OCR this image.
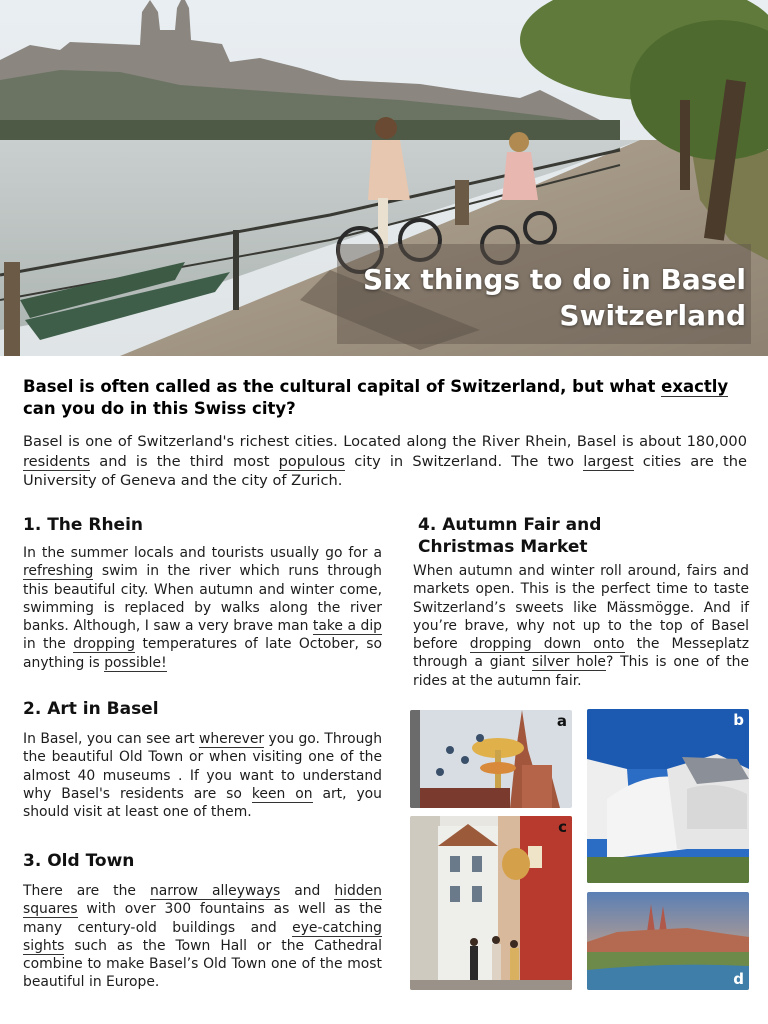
Six things to do in Basel
Switzerland
Basel is often called as the cultural capital of Switzerland, but what exactly can you do in this Swiss city?
Basel is one of Switzerland's richest cities. Located along the River Rhein, Basel is about 180,000 residents and is the third most populous city in Switzerland. The two largest cities are the University of Geneva and the city of Zurich.
1. The Rhein
In the summer locals and tourists usually go for a refreshing swim in the river which runs through this beautiful city. When autumn and winter come, swimming is replaced by walks along the river banks. Although, I saw a very brave man take a dip in the dropping temperatures of late October, so anything is possible!
2. Art in Basel
In Basel, you can see art wherever you go. Through the beautiful Old Town or when visiting one of the almost 40 museums . If you want to understand why Basel's residents are so keen on art, you should visit at least one of them.
3. Old Town
There are the narrow alleyways and hidden squares with over 300 fountains as well as the many century-old buildings and eye-catching sights such as the Town Hall or the Cathedral combine to make Basel’s Old Town one of the most beautiful in Europe.
4. Autumn Fair and
Christmas Market
When autumn and winter roll around, fairs and markets open. This is the perfect time to taste Switzerland’s sweets like Mässmögge. And if you’re brave, why not up to the top of Basel before dropping down onto the Messeplatz through a giant silver hole? This is one of the rides at the autumn fair.
a	b
c
d
